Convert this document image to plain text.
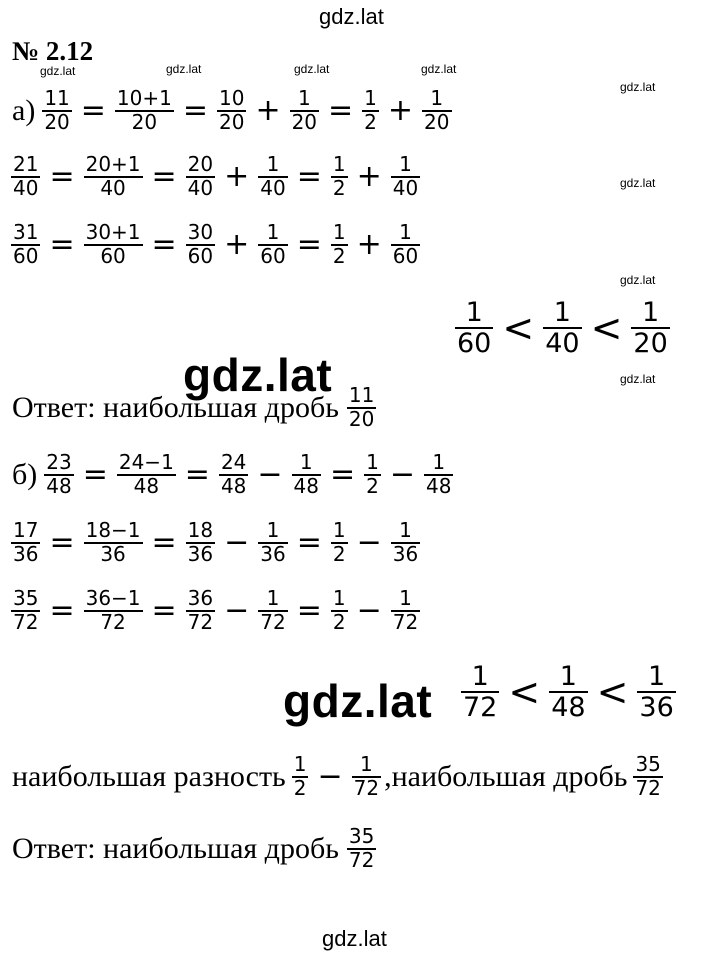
gdz.lat
gdz.lat
gdz.lat	gdz.lat	gdz.lat	gdz.lat
gdz.lat
gdz.lat
gdz.lat
gdz.lat
gdz.lat
gdz.lat
№ 2.12
$а) \frac{11}{20} = \frac{10+1}{20} = \frac{10}{20} + \frac{1}{20} = \frac{1}{2} + \frac{1}{20}$
$\frac{21}{40} = \frac{20+1}{40} = \frac{20}{40} + \frac{1}{40} = \frac{1}{2} + \frac{1}{40}$
$\frac{31}{60} = \frac{30+1}{60} = \frac{30}{60} + \frac{1}{60} = \frac{1}{2} + \frac{1}{60}$
$\frac{1}{60} < \frac{1}{40} < \frac{1}{20}$
Ответ: наибольшая дробь $\frac{11}{20}$
$б) \frac{23}{48} = \frac{24-1}{48} = \frac{24}{48} - \frac{1}{48} = \frac{1}{2} - \frac{1}{48}$
$\frac{17}{36} = \frac{18-1}{36} = \frac{18}{36} - \frac{1}{36} = \frac{1}{2} - \frac{1}{36}$
$\frac{35}{72} = \frac{36-1}{72} = \frac{36}{72} - \frac{1}{72} = \frac{1}{2} - \frac{1}{72}$
$\frac{1}{72} < \frac{1}{48} < \frac{1}{36}$
наибольшая разность $\frac{1}{2} - \frac{1}{72}$ ,наибольшая дробь $\frac{35}{72}$
Ответ: наибольшая дробь $\frac{35}{72}$
